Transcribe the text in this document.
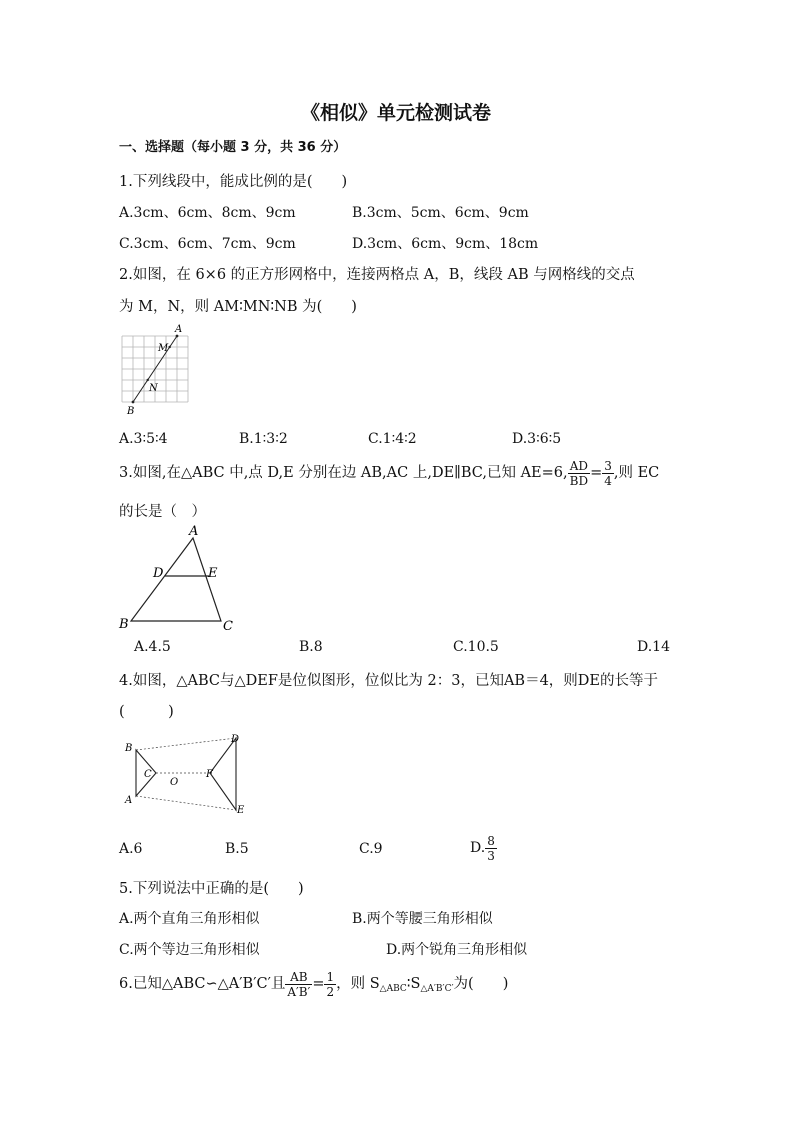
《相似》单元检测试卷
一、选择题（每小题 3 分，共 36 分）
1.下列线段中，能成比例的是(　　)
A.3cm、6cm、8cm、9cm	B.3cm、5cm、6cm、9cm
C.3cm、6cm、7cm、9cm	D.3cm、6cm、9cm、18cm
2.如图，在 6×6 的正方形网格中，连接两格点 A，B，线段 AB 与网格线的交点
为 M，N，则 AM∶MN∶NB 为(　　)
A
B
M
N
A.3∶5∶4	B.1∶3∶2	C.1∶4∶2	D.3∶6∶5
3.如图,在△ABC 中,点 D,E 分别在边 AB,AC 上,DE∥BC,已知 AE=6, $\frac{AD}{BD} = \frac{3}{4}$ ,则 EC
的长是（　）
A
B	C
D	E
A.4.5	B.8	C.10.5	D.14
4.如图，△ABC与△DEF是位似图形，位似比为 2：3，已知AB＝4，则DE的长等于
(　　　)
B
A
C
O
F
D
E
A.6	B.5	C.9	D. $\frac{8}{3}$
5.下列说法中正确的是(　　)
A.两个直角三角形相似	B.两个等腰三角形相似
C.两个等边三角形相似	D.两个锐角三角形相似
6.已知△ABC∽△A′B′C′且 $\frac{AB}{A'B'} = \frac{1}{2}$ ，则 $S_{\triangle ABC}∶S_{\triangle A'B'C'}$为(　　)
